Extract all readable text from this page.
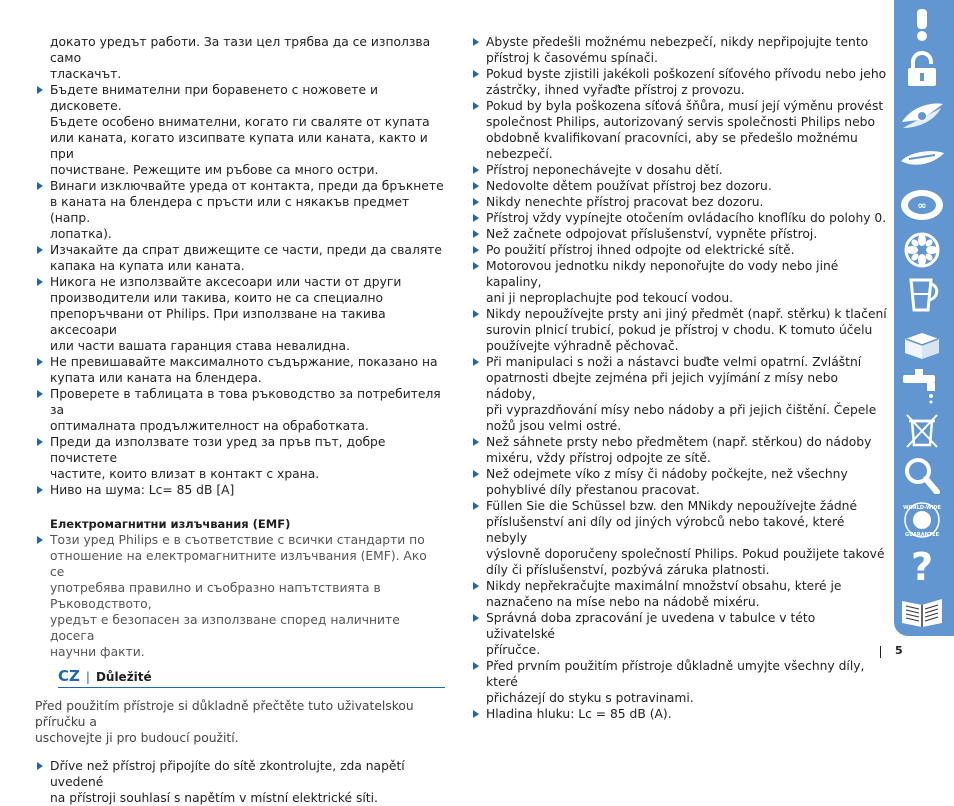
докато уредът работи. За тази цел трябва да се използва само
тласкачът.
Бъдете внимателни при боравенето с ножовете и дисковете.
Бъдете особено внимателни, когато ги сваляте от купата
или каната, когато изсипвате купата или каната, както и при
почистване. Режещите им ръбове са много остри.
Винаги изключвайте уреда от контакта, преди да бръкнете
в каната на блендера с пръсти или с някакъв предмет (напр.
лопатка).
Изчакайте да спрат движещите се части, преди да сваляте
капака на купата или каната.
Никога не използвайте аксесоари или части от други
производители или такива, които не са специално
препоръчвани от Philips. При използване на такива аксесоари
или части вашата гаранция става невалидна.
Не превишавайте максималното съдържание, показано на
купата или каната на блендера.
Проверете в таблицата в това ръководство за потребителя за
оптималната продължителност на обработката.
Преди да използвате този уред за пръв път, добре почистете
частите, които влизат в контакт с храна.
Ниво на шума: Lc= 85 dB [A]
Електромагнитни излъчвания (EMF)
Този уред Philips е в съответствие с всички стандарти по
отношение на електромагнитните излъчвания (EMF). Ако се
употребява правилно и съобразно напътствията в Ръководството,
уредът е безопасен за използване според наличните досега
научни факти.
CZ | Důležité
Před použitím přístroje si důkladně přečtěte tuto uživatelskou příručku a
uschovejte ji pro budoucí použití.
Dříve než přístroj připojíte do sítě zkontrolujte, zda napětí uvedené
na přístroji souhlasí s napětím v místní elektrické síti.
Abyste předešli možnému nebezpečí, nikdy nepřipojujte tento
přístroj k časovému spínači.
Pokud byste zjistili jakékoli poškození síťového přívodu nebo jeho
zástrčky, ihned vyřaďte přístroj z provozu.
Pokud by byla poškozena síťová šňůra, musí její výměnu provést
společnost Philips, autorizovaný servis společnosti Philips nebo
obdobně kvalifikovaní pracovníci, aby se předešlo možnému nebezpečí.
Přístroj neponechávejte v dosahu dětí.
Nedovolte dětem používat přístroj bez dozoru.
Nikdy nenechte přístroj pracovat bez dozoru.
Přístroj vždy vypínejte otočením ovládacího knoflíku do polohy 0.
Než začnete odpojovat příslušenství, vypněte přístroj.
Po použití přístroj ihned odpojte od elektrické sítě.
Motorovou jednotku nikdy neponořujte do vody nebo jiné kapaliny,
ani ji neproplachujte pod tekoucí vodou.
Nikdy nepoužívejte prsty ani jiný předmět (např. stěrku) k tlačení
surovin plnicí trubicí, pokud je přístroj v chodu. K tomuto účelu
používejte výhradně pěchovač.
Při manipulaci s noži a nástavci buďte velmi opatrní. Zvláštní
opatrnosti dbejte zejména při jejich vyjímání z mísy nebo nádoby,
při vyprazdňování mísy nebo nádoby a při jejich čištění. Čepele
nožů jsou velmi ostré.
Než sáhnete prsty nebo předmětem (např. stěrkou) do nádoby
mixéru, vždy přístroj odpojte ze sítě.
Než odejmete víko z mísy či nádoby počkejte, než všechny
pohyblivé díly přestanou pracovat.
Füllen Sie die Schüssel bzw. den MNikdy nepoužívejte žádné
příslušenství ani díly od jiných výrobců nebo takové, které nebyly
výslovně doporučeny společností Philips. Pokud použijete takové
díly či příslušenství, pozbývá záruka platnosti.
Nikdy nepřekračujte maximální množství obsahu, které je
naznačeno na míse nebo na nádobě mixéru.
Správná doba zpracování je uvedena v tabulce v této uživatelské
příručce.
Před prvním použitím přístroje důkladně umyjte všechny díly, které
přicházejí do styku s potravinami.
Hladina hluku: Lc = 85 dB (A).
∞
WORLD-WIDE
GUARANTEE
?
5
